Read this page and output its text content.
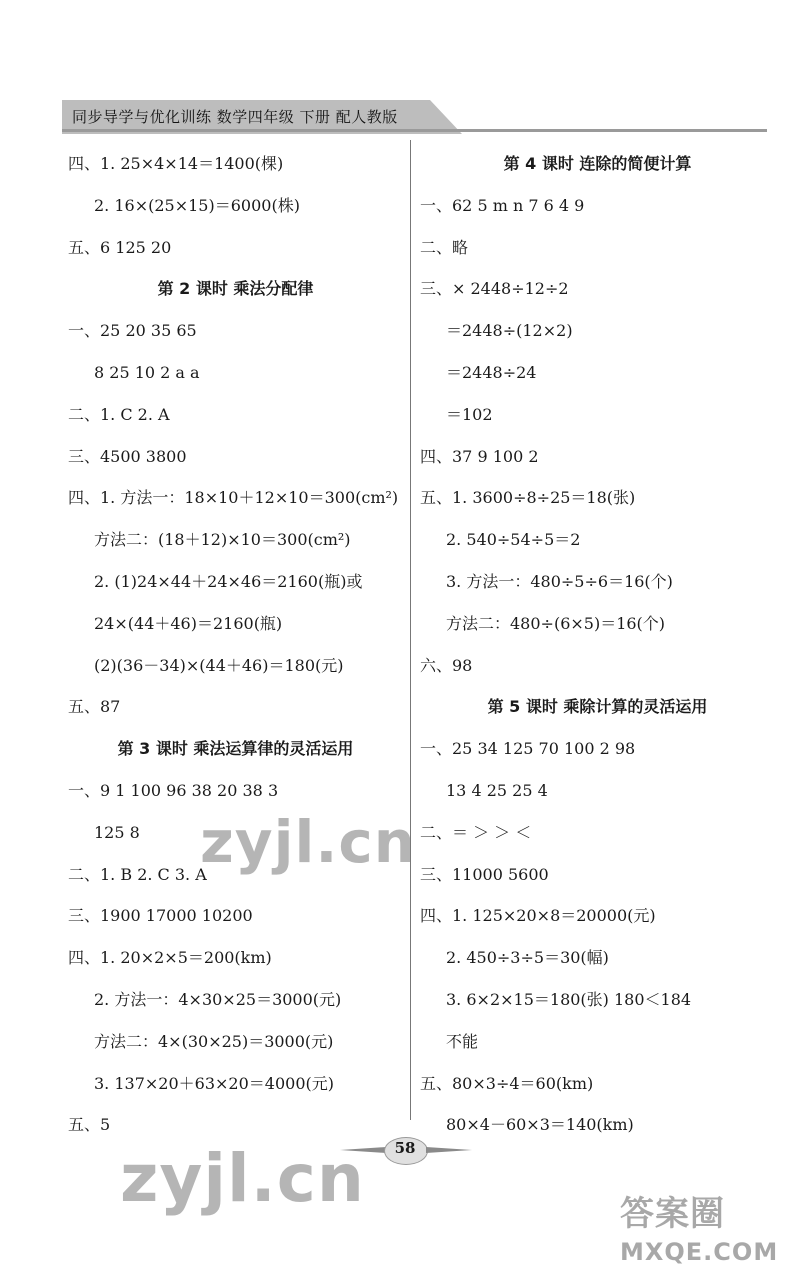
同步导学与优化训练 数学四年级 下册 配人教版
四、1. 25×4×14＝1400(棵)
2. 16×(25×15)＝6000(株)
五、6 125 20
第 2 课时 乘法分配律
一、25 20 35 65
8 25 10 2 a a
二、1. C 2. A
三、4500 3800
四、1. 方法一：18×10＋12×10＝300(cm²)
方法二：(18＋12)×10＝300(cm²)
2. (1)24×44＋24×46＝2160(瓶)或
24×(44＋46)＝2160(瓶)
(2)(36－34)×(44＋46)＝180(元)
五、87
第 3 课时 乘法运算律的灵活运用
一、9 1 100 96 38 20 38 3
125 8
二、1. B 2. C 3. A
三、1900 17000 10200
四、1. 20×2×5＝200(km)
2. 方法一：4×30×25＝3000(元)
方法二：4×(30×25)＝3000(元)
3. 137×20＋63×20＝4000(元)
五、5
第 4 课时 连除的简便计算
一、62 5 m n 7 6 4 9
二、略
三、× 2448÷12÷2
＝2448÷(12×2)
＝2448÷24
＝102
四、37 9 100 2
五、1. 3600÷8÷25＝18(张)
2. 540÷54÷5＝2
3. 方法一：480÷5÷6＝16(个)
方法二：480÷(6×5)＝16(个)
六、98
第 5 课时 乘除计算的灵活运用
一、25 34 125 70 100 2 98
13 4 25 25 4
二、＝ ＞ ＞ ＜
三、11000 5600
四、1. 125×20×8＝20000(元)
2. 450÷3÷5＝30(幅)
3. 6×2×15＝180(张) 180＜184
不能
五、80×3÷4＝60(km)
80×4－60×3＝140(km)
58
zyjl.cn
zyjl.cn	答案圈
MXQE.COM
